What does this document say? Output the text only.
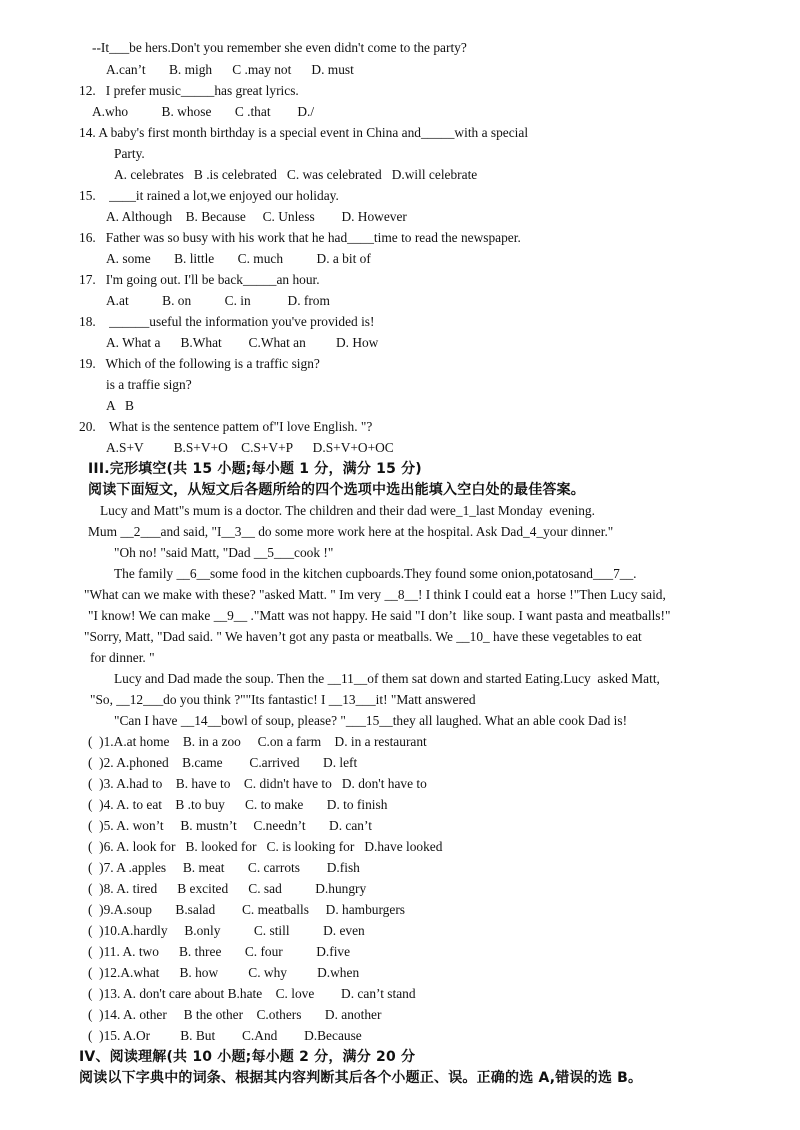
--It___be hers.Don't you remember she even didn't come to the party?
A.can’t       B. migh      C .may not      D. must
12.   I prefer music_____has great lyrics.
A.who          B. whose       C .that        D./
14. A baby's first month birthday is a special event in China and_____with a special
Party.
A. celebrates   B .is celebrated   C. was celebrated   D.will celebrate
15.    ____it rained a lot,we enjoyed our holiday.
A. Although    B. Because     C. Unless        D. However
16.   Father was so busy with his work that he had____time to read the newspaper.
A. some       B. little       C. much          D. a bit of
17.   I'm going out. I'll be back_____an hour.
A.at          B. on          C. in           D. from
18.    ______useful the information you've provided is!
A. What a      B.What        C.What an         D. How
19.   Which of the following is a traffic sign?
is a traffie sign?
A   B
20.    What is the sentence pattem of"I love English. "?
A.S+V         B.S+V+O    C.S+V+P      D.S+V+O+OC
III.完形填空(共 15 小题;每小题 1 分，满分 15 分)
阅读下面短文，从短文后各题所给的四个选项中选出能填入空白处的最佳答案。
Lucy and Matt"s mum is a doctor. The children and their dad were_1_last Monday  evening.
Mum __2___and said, "I__3__ do some more work here at the hospital. Ask Dad_4_your dinner."
"Oh no! "said Matt, "Dad __5___cook !"
The family __6__some food in the kitchen cupboards.They found some onion,potatosand___7__.
"What can we make with these? "asked Matt. " Im very __8__! I think I could eat a  horse !"Then Lucy said,
"I know! We can make __9__ ."Matt was not happy. He said "I don’t  like soup. I want pasta and meatballs!"
"Sorry, Matt, "Dad said. " We haven’t got any pasta or meatballs. We __10_ have these vegetables to eat
for dinner. "
Lucy and Dad made the soup. Then the __11__of them sat down and started Eating.Lucy  asked Matt,
"So, __12___do you think ?""Its fantastic! I __13___it! "Matt answered
"Can I have __14__bowl of soup, please? "___15__they all laughed. What an able cook Dad is!
(  )1.A.at home    B. in a zoo     C.on a farm    D. in a restaurant
(  )2. A.phoned    B.came        C.arrived       D. left
(  )3. A.had to    B. have to    C. didn't have to   D. don't have to
(  )4. A. to eat    B .to buy      C. to make       D. to finish
(  )5. A. won’t     B. mustn’t     C.needn’t       D. can’t
(  )6. A. look for   B. looked for   C. is looking for   D.have looked
(  )7. A .apples     B. meat       C. carrots        D.fish
(  )8. A. tired      B excited      C. sad          D.hungry
(  )9.A.soup       B.salad        C. meatballs     D. hamburgers
(  )10.A.hardly     B.only          C. still          D. even
(  )11. A. two      B. three       C. four          D.five
(  )12.A.what      B. how         C. why         D.when
(  )13. A. don't care about B.hate    C. love        D. can’t stand
(  )14. A. other     B the other    C.others       D. another
(  )15. A.Or         B. But        C.And        D.Because
IV、阅读理解(共 10 小题;每小题 2 分，满分 20 分
阅读以下字典中的词条、根据其内容判断其后各个小题正、误。正确的选 A,错误的选 B。
